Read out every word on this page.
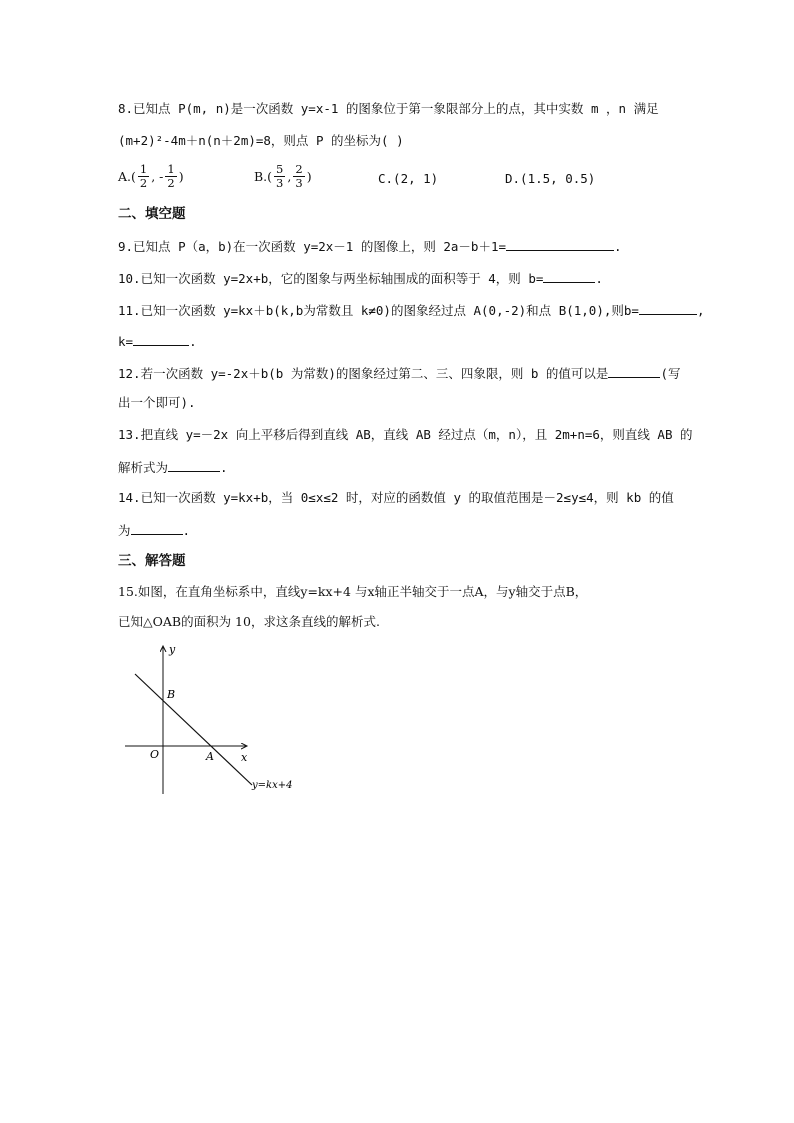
8.已知点 P(m, n)是一次函数 y=x-1 的图象位于第一象限部分上的点，其中实数 m ，n 满足
(m+2)²-4m＋n(n＋2m)=8，则点 P 的坐标为( )
$A.( \frac{1}{2}$ , - $\frac{1}{2}$ )	$B.( \frac{5}{3}$ , $\frac{2}{3}$ )	C.(2, 1)	D.(1.5, 0.5)
二、填空题
9.已知点 P（a，b)在一次函数 y=2x－1 的图像上，则 2a－b＋1=	.
10.已知一次函数 y=2x+b，它的图象与两坐标轴围成的面积等于 4，则 b=	.
11.已知一次函数 y=kx＋b(k,b为常数且 k≠0)的图象经过点 A(0,-2)和点 B(1,0),则b=	,
k=	.
12.若一次函数 y=-2x＋b(b 为常数)的图象经过第二、三、四象限，则 b 的值可以是	(写
出一个即可).
13.把直线 y=－2x 向上平移后得到直线 AB，直线 AB 经过点（m，n），且 2m+n=6，则直线 AB 的
解析式为	.
14.已知一次函数 y=kx+b，当 0≤x≤2 时，对应的函数值 y 的取值范围是－2≤y≤4，则 kb 的值
为	.
三、解答题
15.如图，在直角坐标系中，直线y=kx+4 与x轴正半轴交于一点A，与y轴交于点B，
已知△OAB的面积为 10，求这条直线的解析式.
y
x
O	A
B
y=kx+4
